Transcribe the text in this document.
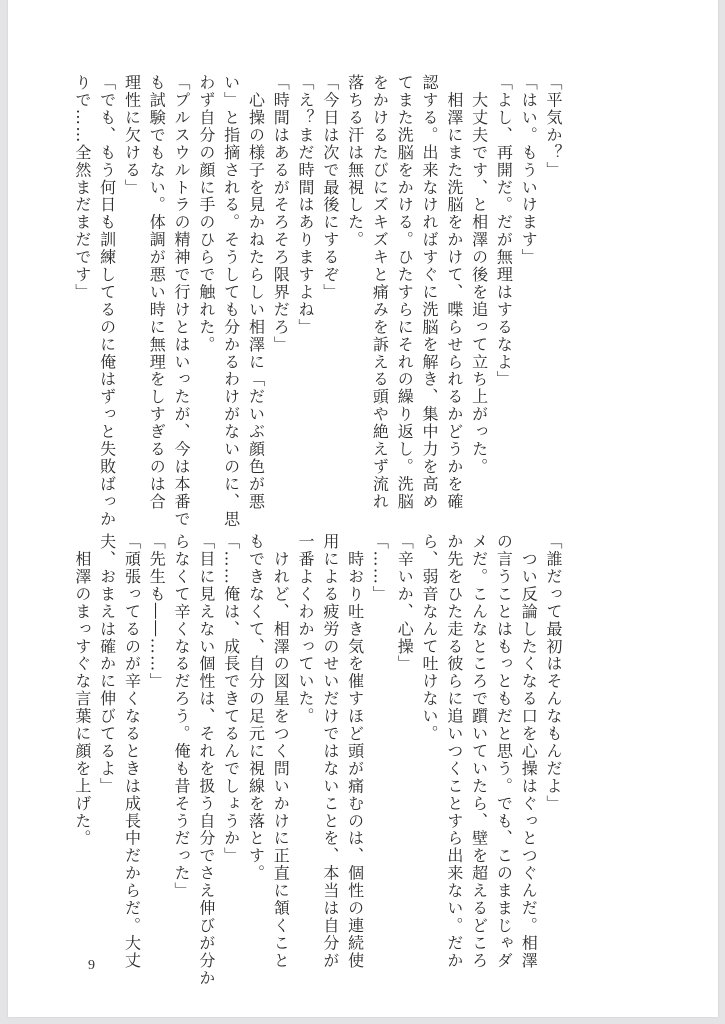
「平気か？」
「はい。もういけます」
「よし、再開だ。だが無理はするなよ」
　大丈夫です、と相澤の後を追って立ち上がった。
　相澤にまた洗脳をかけて、喋らせられるかどうかを確
認する。出来なければすぐに洗脳を解き、集中力を高め
てまた洗脳をかける。ひたすらにそれの繰り返し。洗脳
をかけるたびにズキズキと痛みを訴える頭や絶えず流れ
落ちる汗は無視した。
「今日は次で最後にするぞ」
「え？まだ時間はありますよね」
「時間はあるがそろそろ限界だろ」
　心操の様子を見かねたらしい相澤に「だいぶ顔色が悪
い」と指摘される。そうしても分かるわけがないのに、思
わず自分の顔に手のひらで触れた。
「プルスウルトラの精神で行けとはいったが、今は本番で
も試験でもない。体調が悪い時に無理をしすぎるのは合
理性に欠ける」
「でも、もう何日も訓練してるのに俺はずっと失敗ばっか
りで……全然まだまだです」
「誰だって最初はそんなもんだよ」
　つい反論したくなる口を心操はぐっとつぐんだ。相澤
の言うことはもっともだと思う。でも、このままじゃダ
メだ。こんなところで躓いていたら、壁を超えるどころ
か先をひた走る彼らに追いつくことすら出来ない。だか
ら、弱音なんて吐けない。
「辛いか、心操」
「……」
　時おり吐き気を催すほど頭が痛むのは、個性の連続使
用による疲労のせいだけではないことを、本当は自分が
一番よくわかっていた。
　けれど、相澤の図星をつく問いかけに正直に頷くこと
もできなくて、自分の足元に視線を落とす。
「……俺は、成長できてるんでしょうか」
「目に見えない個性は、それを扱う自分でさえ伸びが分か
らなくて辛くなるだろう。俺も昔そうだった」
「先生も――……」
「頑張ってるのが辛くなるときは成長中だからだ。大丈
夫、おまえは確かに伸びてるよ」
　相澤のまっすぐな言葉に顔を上げた。
9
